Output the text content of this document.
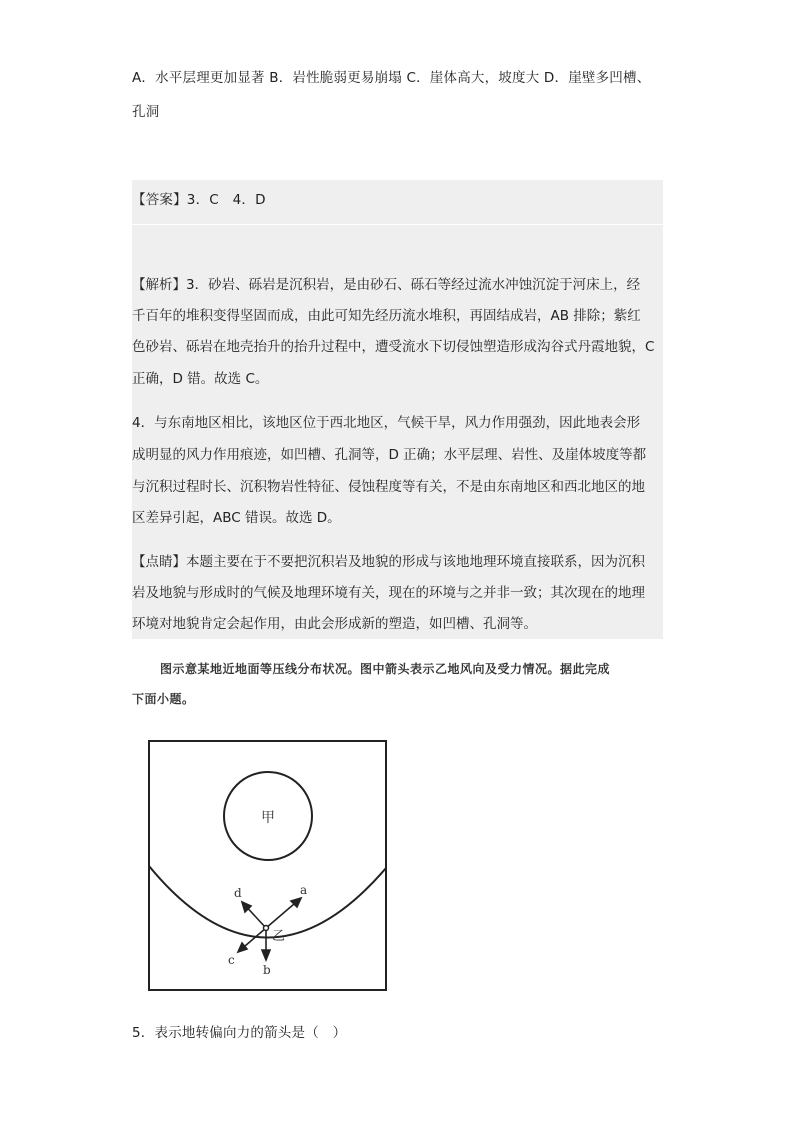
A．水平层理更加显著 B．岩性脆弱更易崩塌 C．崖体高大，坡度大 D．崖壁多凹槽、
孔洞
【答案】3．C　4．D
【解析】3．砂岩、砾岩是沉积岩，是由砂石、砾石等经过流水冲蚀沉淀于河床上，经
千百年的堆积变得坚固而成，由此可知先经历流水堆积，再固结成岩，AB 排除；紫红
色砂岩、砾岩在地壳抬升的抬升过程中，遭受流水下切侵蚀塑造形成沟谷式丹霞地貌，C
正确，D 错。故选 C。
4．与东南地区相比，该地区位于西北地区，气候干旱，风力作用强劲，因此地表会形
成明显的风力作用痕迹，如凹槽、孔洞等，D 正确；水平层理、岩性、及崖体坡度等都
与沉积过程时长、沉积物岩性特征、侵蚀程度等有关，不是由东南地区和西北地区的地
区差异引起，ABC 错误。故选 D。
【点睛】本题主要在于不要把沉积岩及地貌的形成与该地地理环境直接联系，因为沉积
岩及地貌与形成时的气候及地理环境有关，现在的环境与之并非一致；其次现在的地理
环境对地貌肯定会起作用，由此会形成新的塑造，如凹槽、孔洞等。
图示意某地近地面等压线分布状况。图中箭头表示乙地风向及受力情况。据此完成
下面小题。
甲
乙
a
b
c
d
5．表示地转偏向力的箭头是（　）
